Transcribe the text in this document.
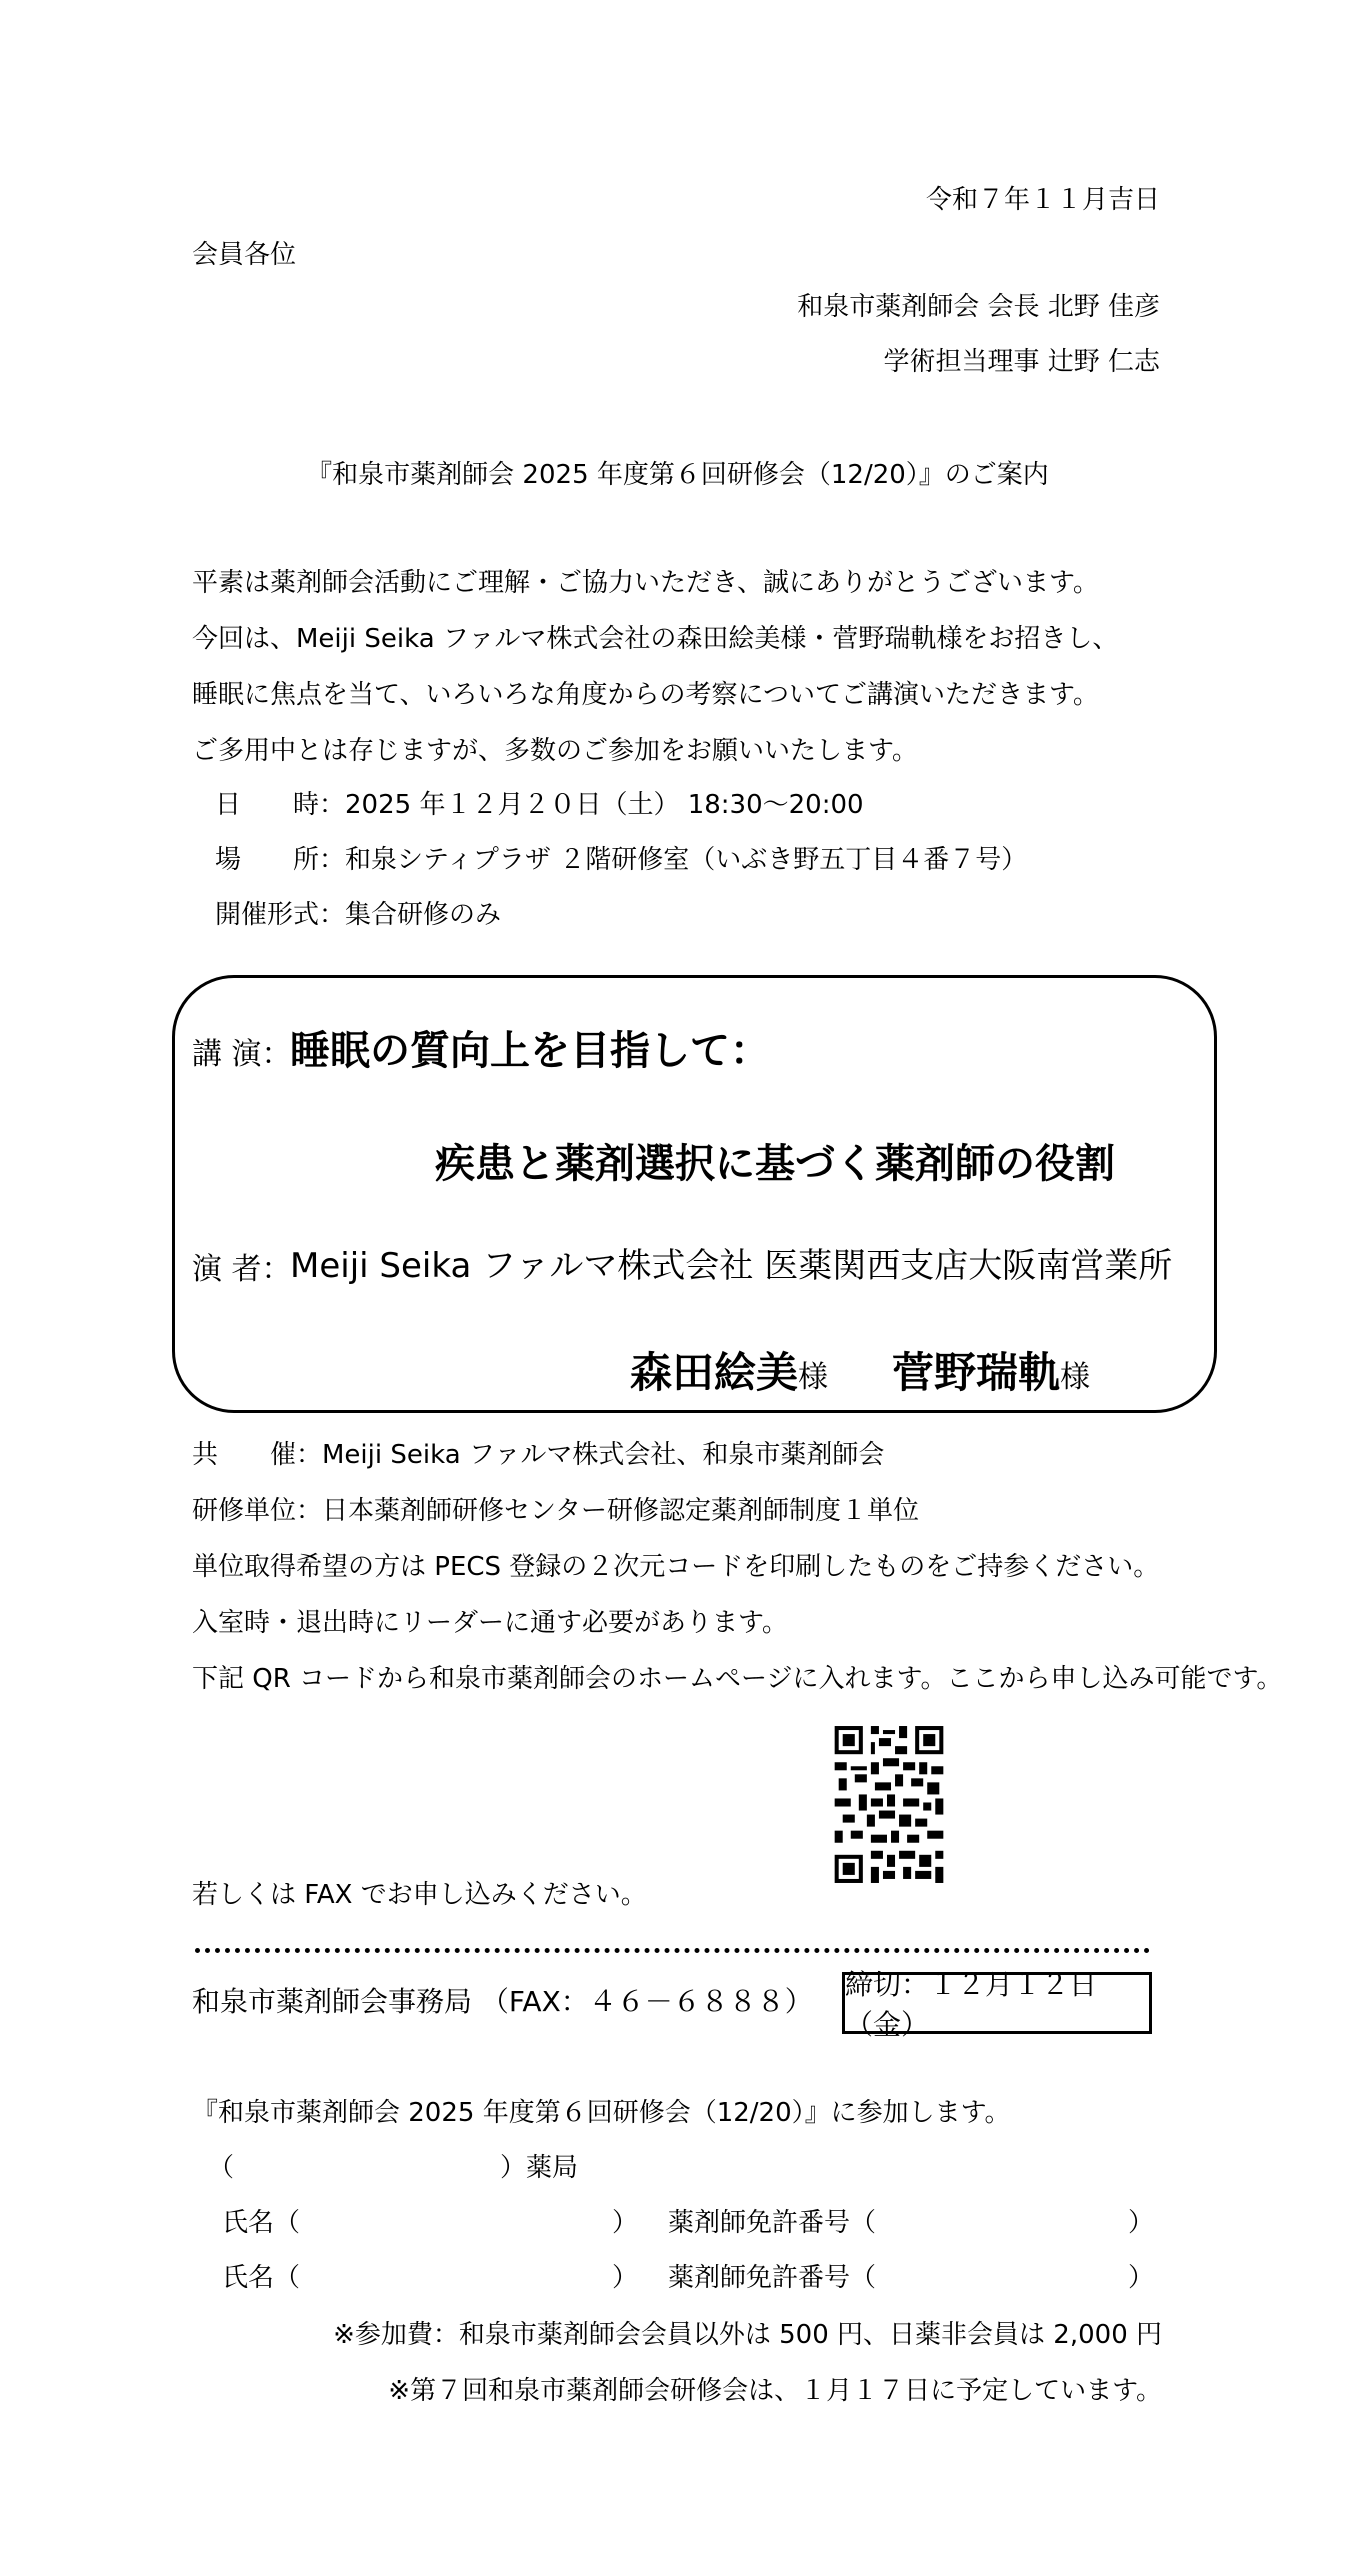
令和７年１１月吉日
会員各位
和泉市薬剤師会 会長 北野 佳彦
学術担当理事 辻野 仁志
『和泉市薬剤師会 2025 年度第６回研修会（12/20）』のご案内
平素は薬剤師会活動にご理解・ご協力いただき、誠にありがとうございます。
今回は、Meiji Seika ファルマ株式会社の森田絵美様・菅野瑞軌様をお招きし、
睡眠に焦点を当て、いろいろな角度からの考察についてご講演いただきます。
ご多用中とは存じますが、多数のご参加をお願いいたします。
日　　時：2025 年１２月２０日（土） 18:30～20:00
場　　所：和泉シティプラザ ２階研修室（いぶき野五丁目４番７号）
開催形式：集合研修のみ
講 演：
睡眠の質向上を目指して：
疾患と薬剤選択に基づく薬剤師の役割
演 者：
Meiji Seika ファルマ株式会社 医薬関西支店大阪南営業所
森田絵美様 菅野瑞軌様
共　　催：Meiji Seika ファルマ株式会社、和泉市薬剤師会
研修単位：日本薬剤師研修センター研修認定薬剤師制度１単位
単位取得希望の方は PECS 登録の２次元コードを印刷したものをご持参ください。
入室時・退出時にリーダーに通す必要があります。
下記 QR コードから和泉市薬剤師会のホームページに入れます。ここから申し込み可能です。
若しくは FAX でお申し込みください。
和泉市薬剤師会事務局 （FAX：４６－６８８８）
締切：１２月１２日（金）
『和泉市薬剤師会 2025 年度第６回研修会（12/20）』に参加します。
（	）薬局
氏名（	） 薬剤師免許番号（	）
氏名（	） 薬剤師免許番号（	）
※参加費：和泉市薬剤師会会員以外は 500 円、日薬非会員は 2,000 円
※第７回和泉市薬剤師会研修会は、１月１７日に予定しています。
